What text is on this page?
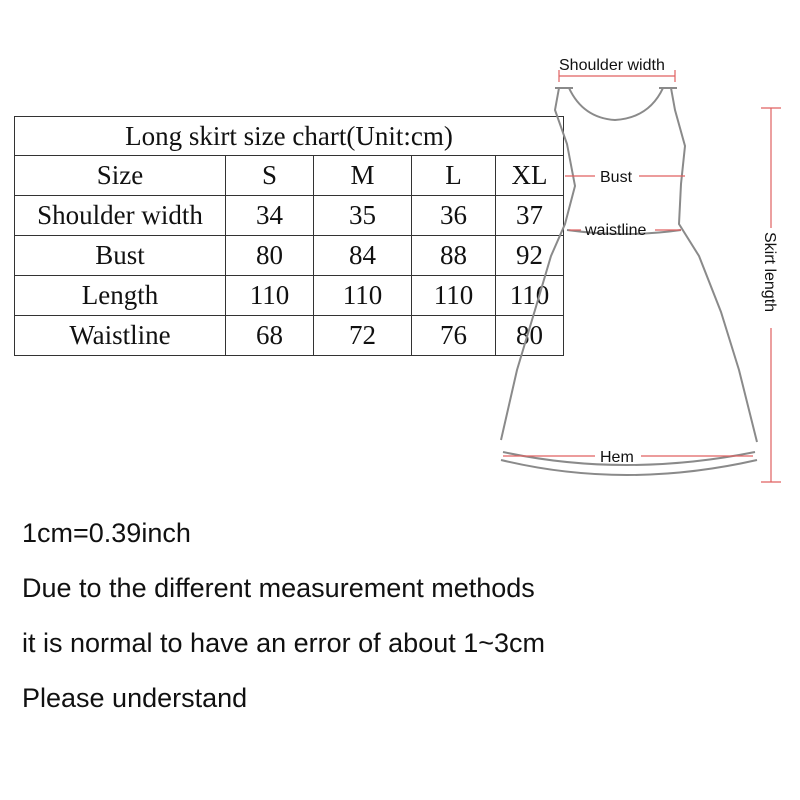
Long skirt size chart(Unit:cm)				
Size	S	M	L	XL
Shoulder width	34	35	36	37
Bust	80	84	88	92
Length	110	110	110	110
Waistline	68	72	76	80
Shoulder width
Bust
waistline
Hem
Skirt length
1cm=0.39inch
Due to the different measurement methods
it is normal to have an error of about 1~3cm
Please understand
